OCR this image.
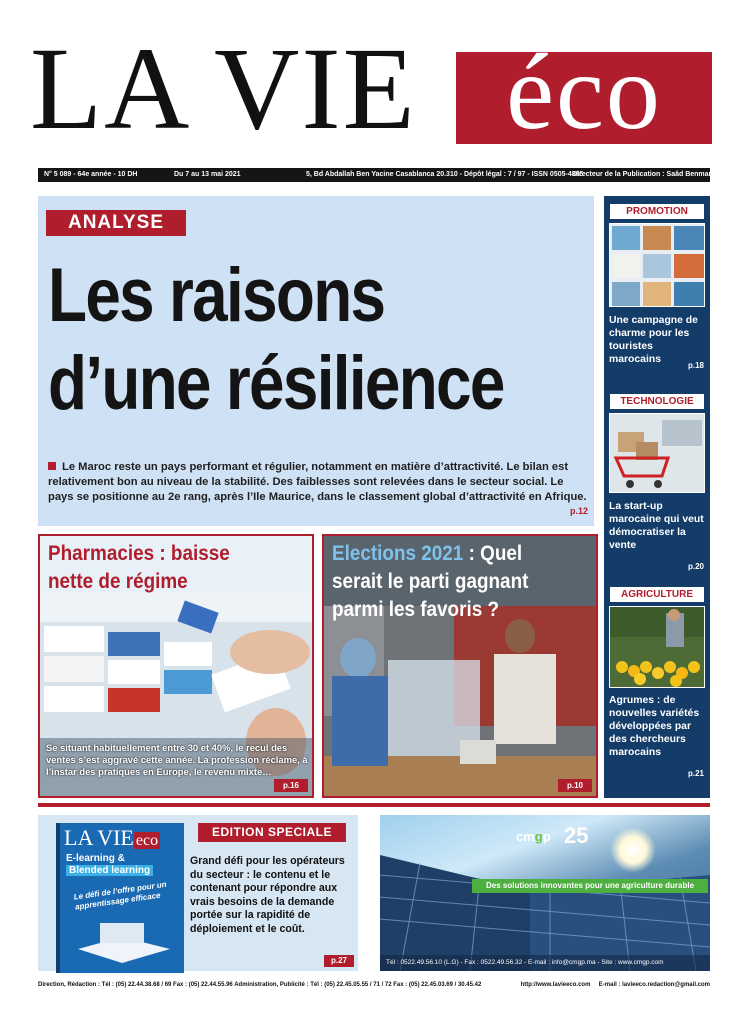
LA VIE éco
N° 5 089 - 64e année - 10 DH	Du 7 au 13 mai 2021	5, Bd Abdallah Ben Yacine Casablanca 20.310 - Dépôt légal : 7 / 97 - ISSN 0505-4885
Directeur de la Publication : Saâd Benmansour
ANALYSE
Les raisons
d’une résilience
Le Maroc reste un pays performant et régulier, notamment en matière d’attractivité. Le bilan est relativement bon au niveau de la stabilité. Des faiblesses sont relevées dans le secteur social. Le pays se positionne au 2e rang, après l’Ile Maurice, dans le classement global d’attractivité en Afrique.
p.12
PROMOTION
Une campagne de charme pour les touristes marocains
p.18
TECHNOLOGIE
La start-up marocaine qui veut démocratiser la vente
p.20
AGRICULTURE
Agrumes : de nouvelles variétés développées par des chercheurs marocains
p.21
Pharmacies : baisse
nette de régime
Se situant habituellement entre 30 et 40%, le recul des ventes s’est aggravé cette année. La profession réclame, à l’instar des pratiques en Europe, le revenu mixte…
p.16
Elections 2021 : Quel
serait le parti gagnant
parmi les favoris ?
p.10
LA VIE eco
E-learning &
Blended learning
Le défi de l’offre pour un apprentissage efficace
EDITION SPECIALE
Grand défi pour les opérateurs du secteur : le contenu et le contenant pour répondre aux vrais besoins de la demande portée sur la rapidité de déploiement et le coût.
p.27
cmgp 25
Des solutions innovantes pour une agriculture durable
Tél : 0522.49.56.10 (L.G) - Fax : 0522.49.56.32 - E-mail : info@cmgp.ma - Site : www.cmgp.com
Direction, Rédaction : Tél : (05) 22.44.38.68 / 69 Fax : (05) 22.44.55.96 Administration, Publicité : Tél : (05) 22.45.05.55 / 71 / 72 Fax : (05) 22.45.03.69 / 30.45.42	http://www.lavieeco.com E-mail : lavieeco.redaction@gmail.com
